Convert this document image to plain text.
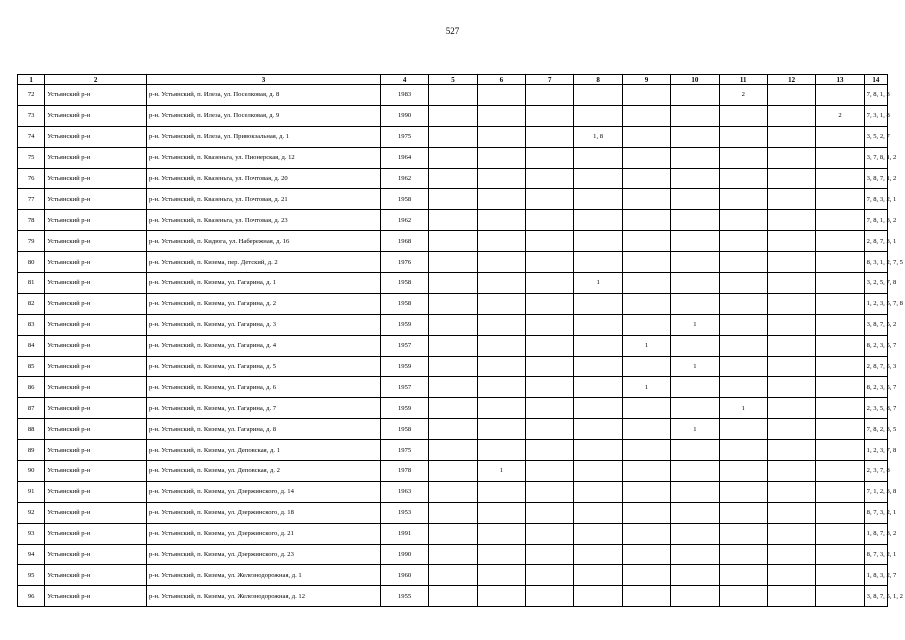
527
1	2	3	4	5	6	7	8	9	10	11	12	13	14
72	Устьянский р-н	р-н. Устьянский, п. Илеза, ул. Поселковая, д. 8	1983							2			7, 8, 1, 3
73	Устьянский р-н	р-н. Устьянский, п. Илеза, ул. Поселковая, д. 9	1990									2	7, 3, 1, 8
74	Устьянский р-н	р-н. Устьянский, п. Илеза, ул. Привокзальная, д. 1	1975				1, 8						3, 5, 2, 7
75	Устьянский р-н	р-н. Устьянский, п. Квазеньга, ул. Пионерская, д. 12	1964										3, 7, 8, 1, 2
76	Устьянский р-н	р-н. Устьянский, п. Квазеньга, ул. Почтовая, д. 20	1962										3, 8, 7, 1, 2
77	Устьянский р-н	р-н. Устьянский, п. Квазеньга, ул. Почтовая, д. 21	1958										7, 8, 3, 2, 1
78	Устьянский р-н	р-н. Устьянский, п. Квазеньга, ул. Почтовая, д. 23	1962										7, 8, 1, 3, 2
79	Устьянский р-н	р-н. Устьянский, п. Кидюга, ул. Набережная, д. 16	1968										2, 8, 7, 3, 1
80	Устьянский р-н	р-н. Устьянский, п. Кизема, пер. Детский, д. 2	1976										8, 3, 1, 2, 7, 5
81	Устьянский р-н	р-н. Устьянский, п. Кизема, ул. Гагарина, д. 1	1958				1						3, 2, 5, 7, 8
82	Устьянский р-н	р-н. Устьянский, п. Кизема, ул. Гагарина, д. 2	1958										1, 2, 3, 5, 7, 8
83	Устьянский р-н	р-н. Устьянский, п. Кизема, ул. Гагарина, д. 3	1959						1				3, 8, 7, 5, 2
84	Устьянский р-н	р-н. Устьянский, п. Кизема, ул. Гагарина, д. 4	1957					1					8, 2, 3, 5, 7
85	Устьянский р-н	р-н. Устьянский, п. Кизема, ул. Гагарина, д. 5	1959						1				2, 8, 7, 5, 3
86	Устьянский р-н	р-н. Устьянский, п. Кизема, ул. Гагарина, д. 6	1957					1					8, 2, 3, 5, 7
87	Устьянский р-н	р-н. Устьянский, п. Кизема, ул. Гагарина, д. 7	1959							1			2, 3, 5, 8, 7
88	Устьянский р-н	р-н. Устьянский, п. Кизема, ул. Гагарина, д. 8	1958						1				7, 8, 2, 3, 5
89	Устьянский р-н	р-н. Устьянский, п. Кизема, ул. Деповская, д. 1	1975										1, 2, 3, 7, 8
90	Устьянский р-н	р-н. Устьянский, п. Кизема, ул. Деповская, д. 2	1978		1								2, 3, 7, 8
91	Устьянский р-н	р-н. Устьянский, п. Кизема, ул. Дзержинского, д. 14	1963										7, 1, 2, 3, 8
92	Устьянский р-н	р-н. Устьянский, п. Кизема, ул. Дзержинского, д. 18	1953										8, 7, 3, 2, 1
93	Устьянский р-н	р-н. Устьянский, п. Кизема, ул. Дзержинского, д. 21	1991										1, 8, 7, 3, 2
94	Устьянский р-н	р-н. Устьянский, п. Кизема, ул. Дзержинского, д. 23	1990										8, 7, 3, 2, 1
95	Устьянский р-н	р-н. Устьянский, п. Кизема, ул. Железнодорожная, д. 1	1960										1, 8, 3, 2, 7
96	Устьянский р-н	р-н. Устьянский, п. Кизема, ул. Железнодорожная, д. 12	1955										3, 8, 7, 5, 1, 2
